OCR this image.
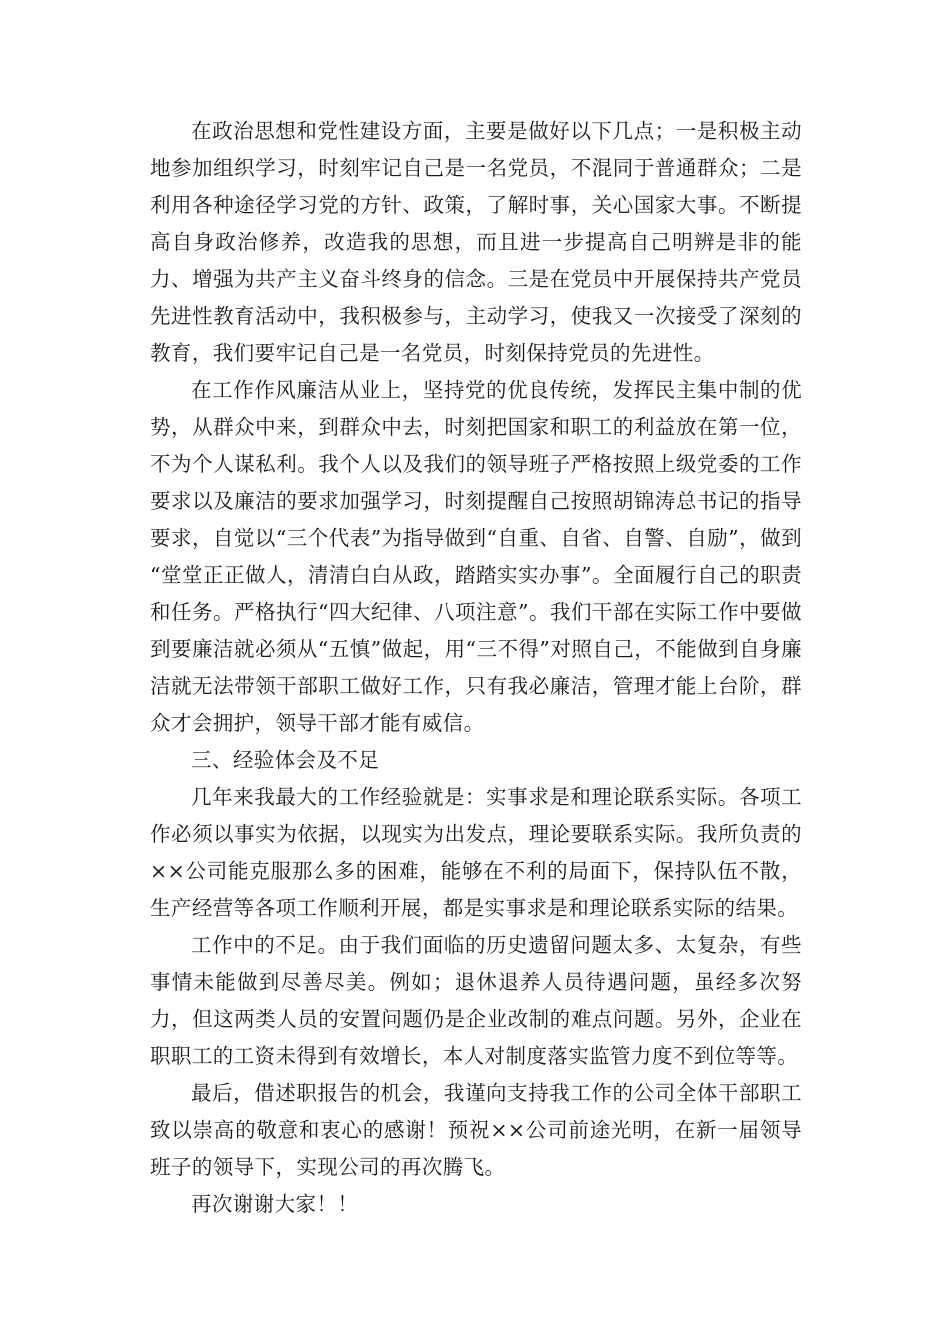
在政治思想和党性建设方面，主要是做好以下几点；一是积极主动地参加组织学习，时刻牢记自己是一名党员，不混同于普通群众；二是利用各种途径学习党的方针、政策，了解时事，关心国家大事。不断提高自身政治修养，改造我的思想，而且进一步提高自己明辨是非的能力、增强为共产主义奋斗终身的信念。三是在党员中开展保持共产党员先进性教育活动中，我积极参与，主动学习，使我又一次接受了深刻的教育，我们要牢记自己是一名党员，时刻保持党员的先进性。

在工作作风廉洁从业上，坚持党的优良传统，发挥民主集中制的优势，从群众中来，到群众中去，时刻把国家和职工的利益放在第一位，不为个人谋私利。我个人以及我们的领导班子严格按照上级党委的工作要求以及廉洁的要求加强学习，时刻提醒自己按照胡锦涛总书记的指导要求，自觉以“三个代表”为指导做到“自重、自省、自警、自励”，做到“堂堂正正做人，清清白白从政，踏踏实实办事”。全面履行自己的职责和任务。严格执行“四大纪律、八项注意”。我们干部在实际工作中要做到要廉洁就必须从“五慎”做起，用“三不得”对照自己，不能做到自身廉洁就无法带领干部职工做好工作，只有我必廉洁，管理才能上台阶，群众才会拥护，领导干部才能有威信。

三、经验体会及不足

几年来我最大的工作经验就是：实事求是和理论联系实际。各项工作必须以事实为依据，以现实为出发点，理论要联系实际。我所负责的××公司能克服那么多的困难，能够在不利的局面下，保持队伍不散，生产经营等各项工作顺利开展，都是实事求是和理论联系实际的结果。

工作中的不足。由于我们面临的历史遗留问题太多、太复杂，有些事情未能做到尽善尽美。例如；退休退养人员待遇问题，虽经多次努力，但这两类人员的安置问题仍是企业改制的难点问题。另外，企业在职职工的工资未得到有效增长，本人对制度落实监管力度不到位等等。

最后，借述职报告的机会，我谨向支持我工作的公司全体干部职工致以崇高的敬意和衷心的感谢！预祝××公司前途光明，在新一届领导班子的领导下，实现公司的再次腾飞。

再次谢谢大家！！
